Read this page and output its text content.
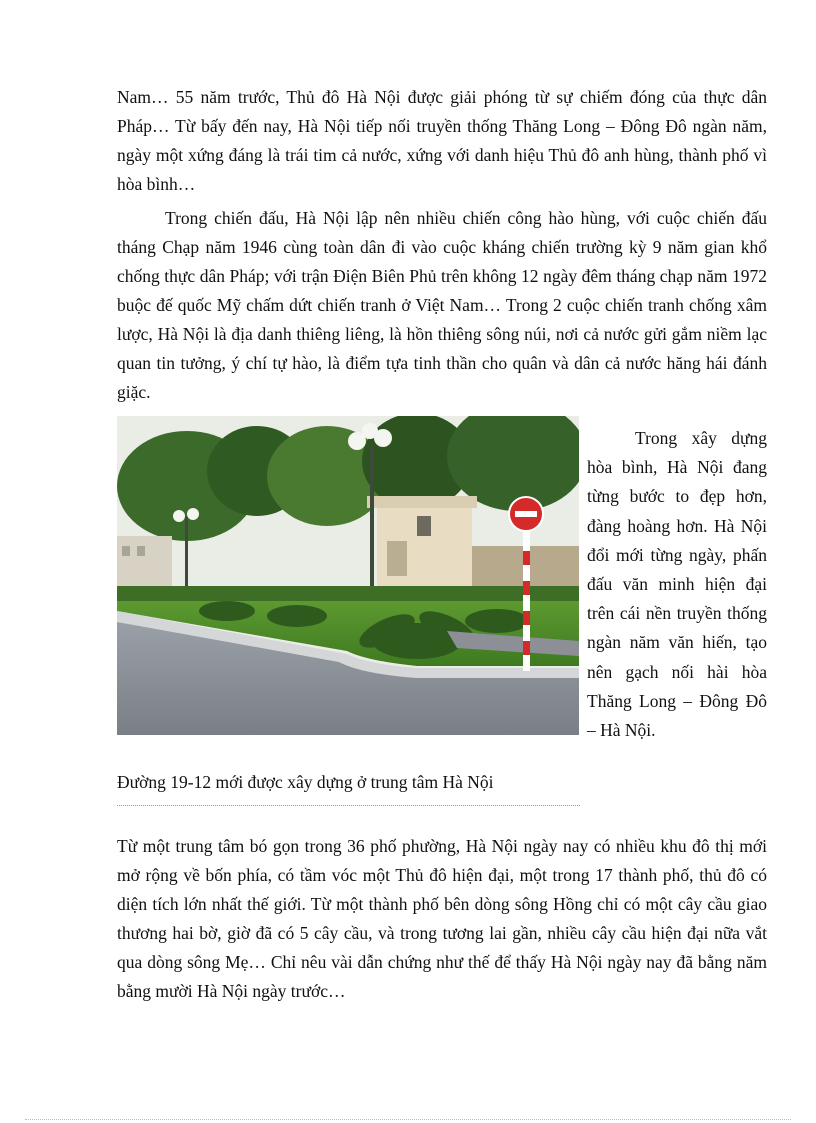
Nam… 55 năm trước, Thủ đô Hà Nội được giải phóng từ sự chiếm đóng của thực dân Pháp… Từ bấy đến nay, Hà Nội tiếp nối truyền thống Thăng Long – Đông Đô ngàn năm, ngày một xứng đáng là trái tim cả nước, xứng với danh hiệu Thủ đô anh hùng, thành phố vì hòa bình…

Trong chiến đấu, Hà Nội lập nên nhiều chiến công hào hùng, với cuộc chiến đấu tháng Chạp năm 1946 cùng toàn dân đi vào cuộc kháng chiến trường kỳ 9 năm gian khổ chống thực dân Pháp; với trận Điện Biên Phủ trên không 12 ngày đêm tháng chạp năm 1972 buộc đế quốc Mỹ chấm dứt chiến tranh ở Việt Nam… Trong 2 cuộc chiến tranh chống xâm lược, Hà Nội là địa danh thiêng liêng, là hồn thiêng sông núi, nơi cả nước gửi gắm niềm lạc quan tin tưởng, ý chí tự hào, là điểm tựa tinh thần cho quân và dân cả nước hăng hái đánh giặc.

Trong xây dựng hòa bình, Hà Nội đang từng bước to đẹp hơn, đàng hoàng hơn. Hà Nội đổi mới từng ngày, phấn đấu văn minh hiện đại trên cái nền truyền thống ngàn năm văn hiến, tạo nên gạch nối hài hòa Thăng Long – Đông Đô – Hà Nội.

Đường 19-12 mới được xây dựng ở trung tâm Hà Nội

Từ một trung tâm bó gọn trong 36 phố phường, Hà Nội ngày nay có nhiều khu đô thị mới mở rộng về bốn phía, có tầm vóc một Thủ đô hiện đại, một trong 17 thành phố, thủ đô có diện tích lớn nhất thế giới. Từ một thành phố bên dòng sông Hồng chỉ có một cây cầu giao thương hai bờ, giờ đã có 5 cây cầu, và trong tương lai gần, nhiều cây cầu hiện đại nữa vắt qua dòng sông Mẹ… Chỉ nêu vài dẫn chứng như thế để thấy Hà Nội ngày nay đã bằng năm bằng mười Hà Nội ngày trước…
